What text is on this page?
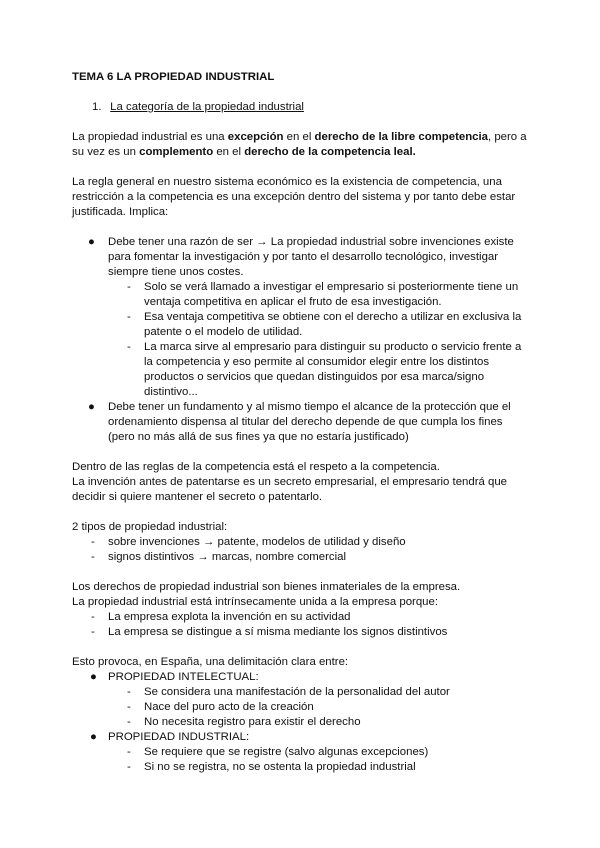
TEMA 6 LA PROPIEDAD INDUSTRIAL

1. La categoría de la propiedad industrial

La propiedad industrial es una excepción en el derecho de la libre competencia, pero a su vez es un complemento en el derecho de la competencia leal.

La regla general en nuestro sistema económico es la existencia de competencia, una restricción a la competencia es una excepción dentro del sistema y por tanto debe estar justificada. Implica:

● Debe tener una razón de ser → La propiedad industrial sobre invenciones existe para fomentar la investigación y por tanto el desarrollo tecnológico, investigar siempre tiene unos costes.
- Solo se verá llamado a investigar el empresario si posteriormente tiene un ventaja competitiva en aplicar el fruto de esa investigación.
- Esa ventaja competitiva se obtiene con el derecho a utilizar en exclusiva la patente o el modelo de utilidad.
- La marca sirve al empresario para distinguir su producto o servicio frente a la competencia y eso permite al consumidor elegir entre los distintos productos o servicios que quedan distinguidos por esa marca/signo distintivo...
● Debe tener un fundamento y al mismo tiempo el alcance de la protección que el ordenamiento dispensa al titular del derecho depende de que cumpla los fines (pero no más allá de sus fines ya que no estaría justificado)

Dentro de las reglas de la competencia está el respeto a la competencia.

La invención antes de patentarse es un secreto empresarial, el empresario tendrá que decidir si quiere mantener el secreto o patentarlo.

2 tipos de propiedad industrial:

- sobre invenciones → patente, modelos de utilidad y diseño
- signos distintivos → marcas, nombre comercial

Los derechos de propiedad industrial son bienes inmateriales de la empresa.

La propiedad industrial está intrínsecamente unida a la empresa porque:

- La empresa explota la invención en su actividad
- La empresa se distingue a sí misma mediante los signos distintivos

Esto provoca, en España, una delimitación clara entre:

● PROPIEDAD INTELECTUAL:
- Se considera una manifestación de la personalidad del autor
- Nace del puro acto de la creación
- No necesita registro para existir el derecho
● PROPIEDAD INDUSTRIAL:
- Se requiere que se registre (salvo algunas excepciones)
- Si no se registra, no se ostenta la propiedad industrial
